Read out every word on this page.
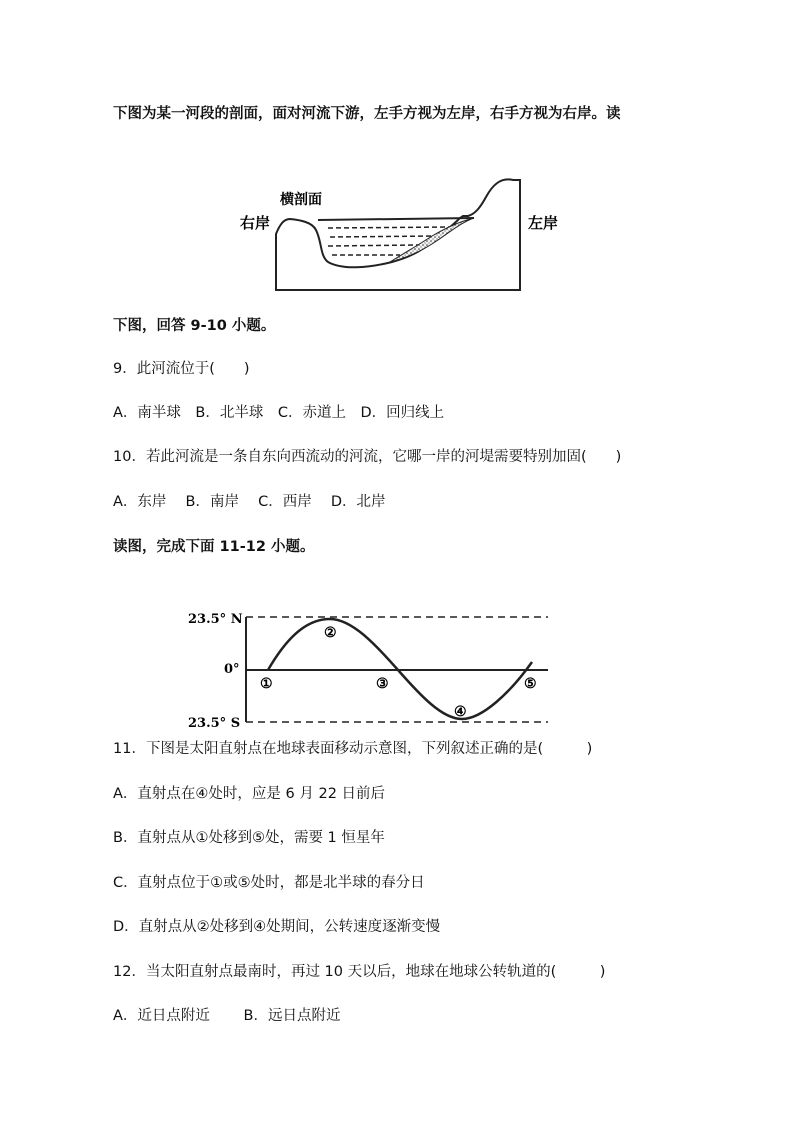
下图为某一河段的剖面，面对河流下游，左手方视为左岸，右手方视为右岸。读
横剖面
右岸	左岸
下图，回答 9-10 小题。
9．此河流位于(　　)
A．南半球　B．北半球　C．赤道上　D．回归线上
10．若此河流是一条自东向西流动的河流，它哪一岸的河堤需要特别加固(　　)
A．东岸　 B．南岸　 C．西岸　 D．北岸
读图，完成下面 11-12 小题。
23.5° N
0°
23.5° S
①
②
③
④
⑤
11．下图是太阳直射点在地球表面移动示意图，下列叙述正确的是(　　　)
A．直射点在④处时，应是 6 月 22 日前后
B．直射点从①处移到⑤处，需要 1 恒星年
C．直射点位于①或⑤处时，都是北半球的春分日
D．直射点从②处移到④处期间，公转速度逐渐变慢
12．当太阳直射点最南时，再过 10 天以后，地球在地球公转轨道的(　　　)
A．近日点附近　　 B．远日点附近
